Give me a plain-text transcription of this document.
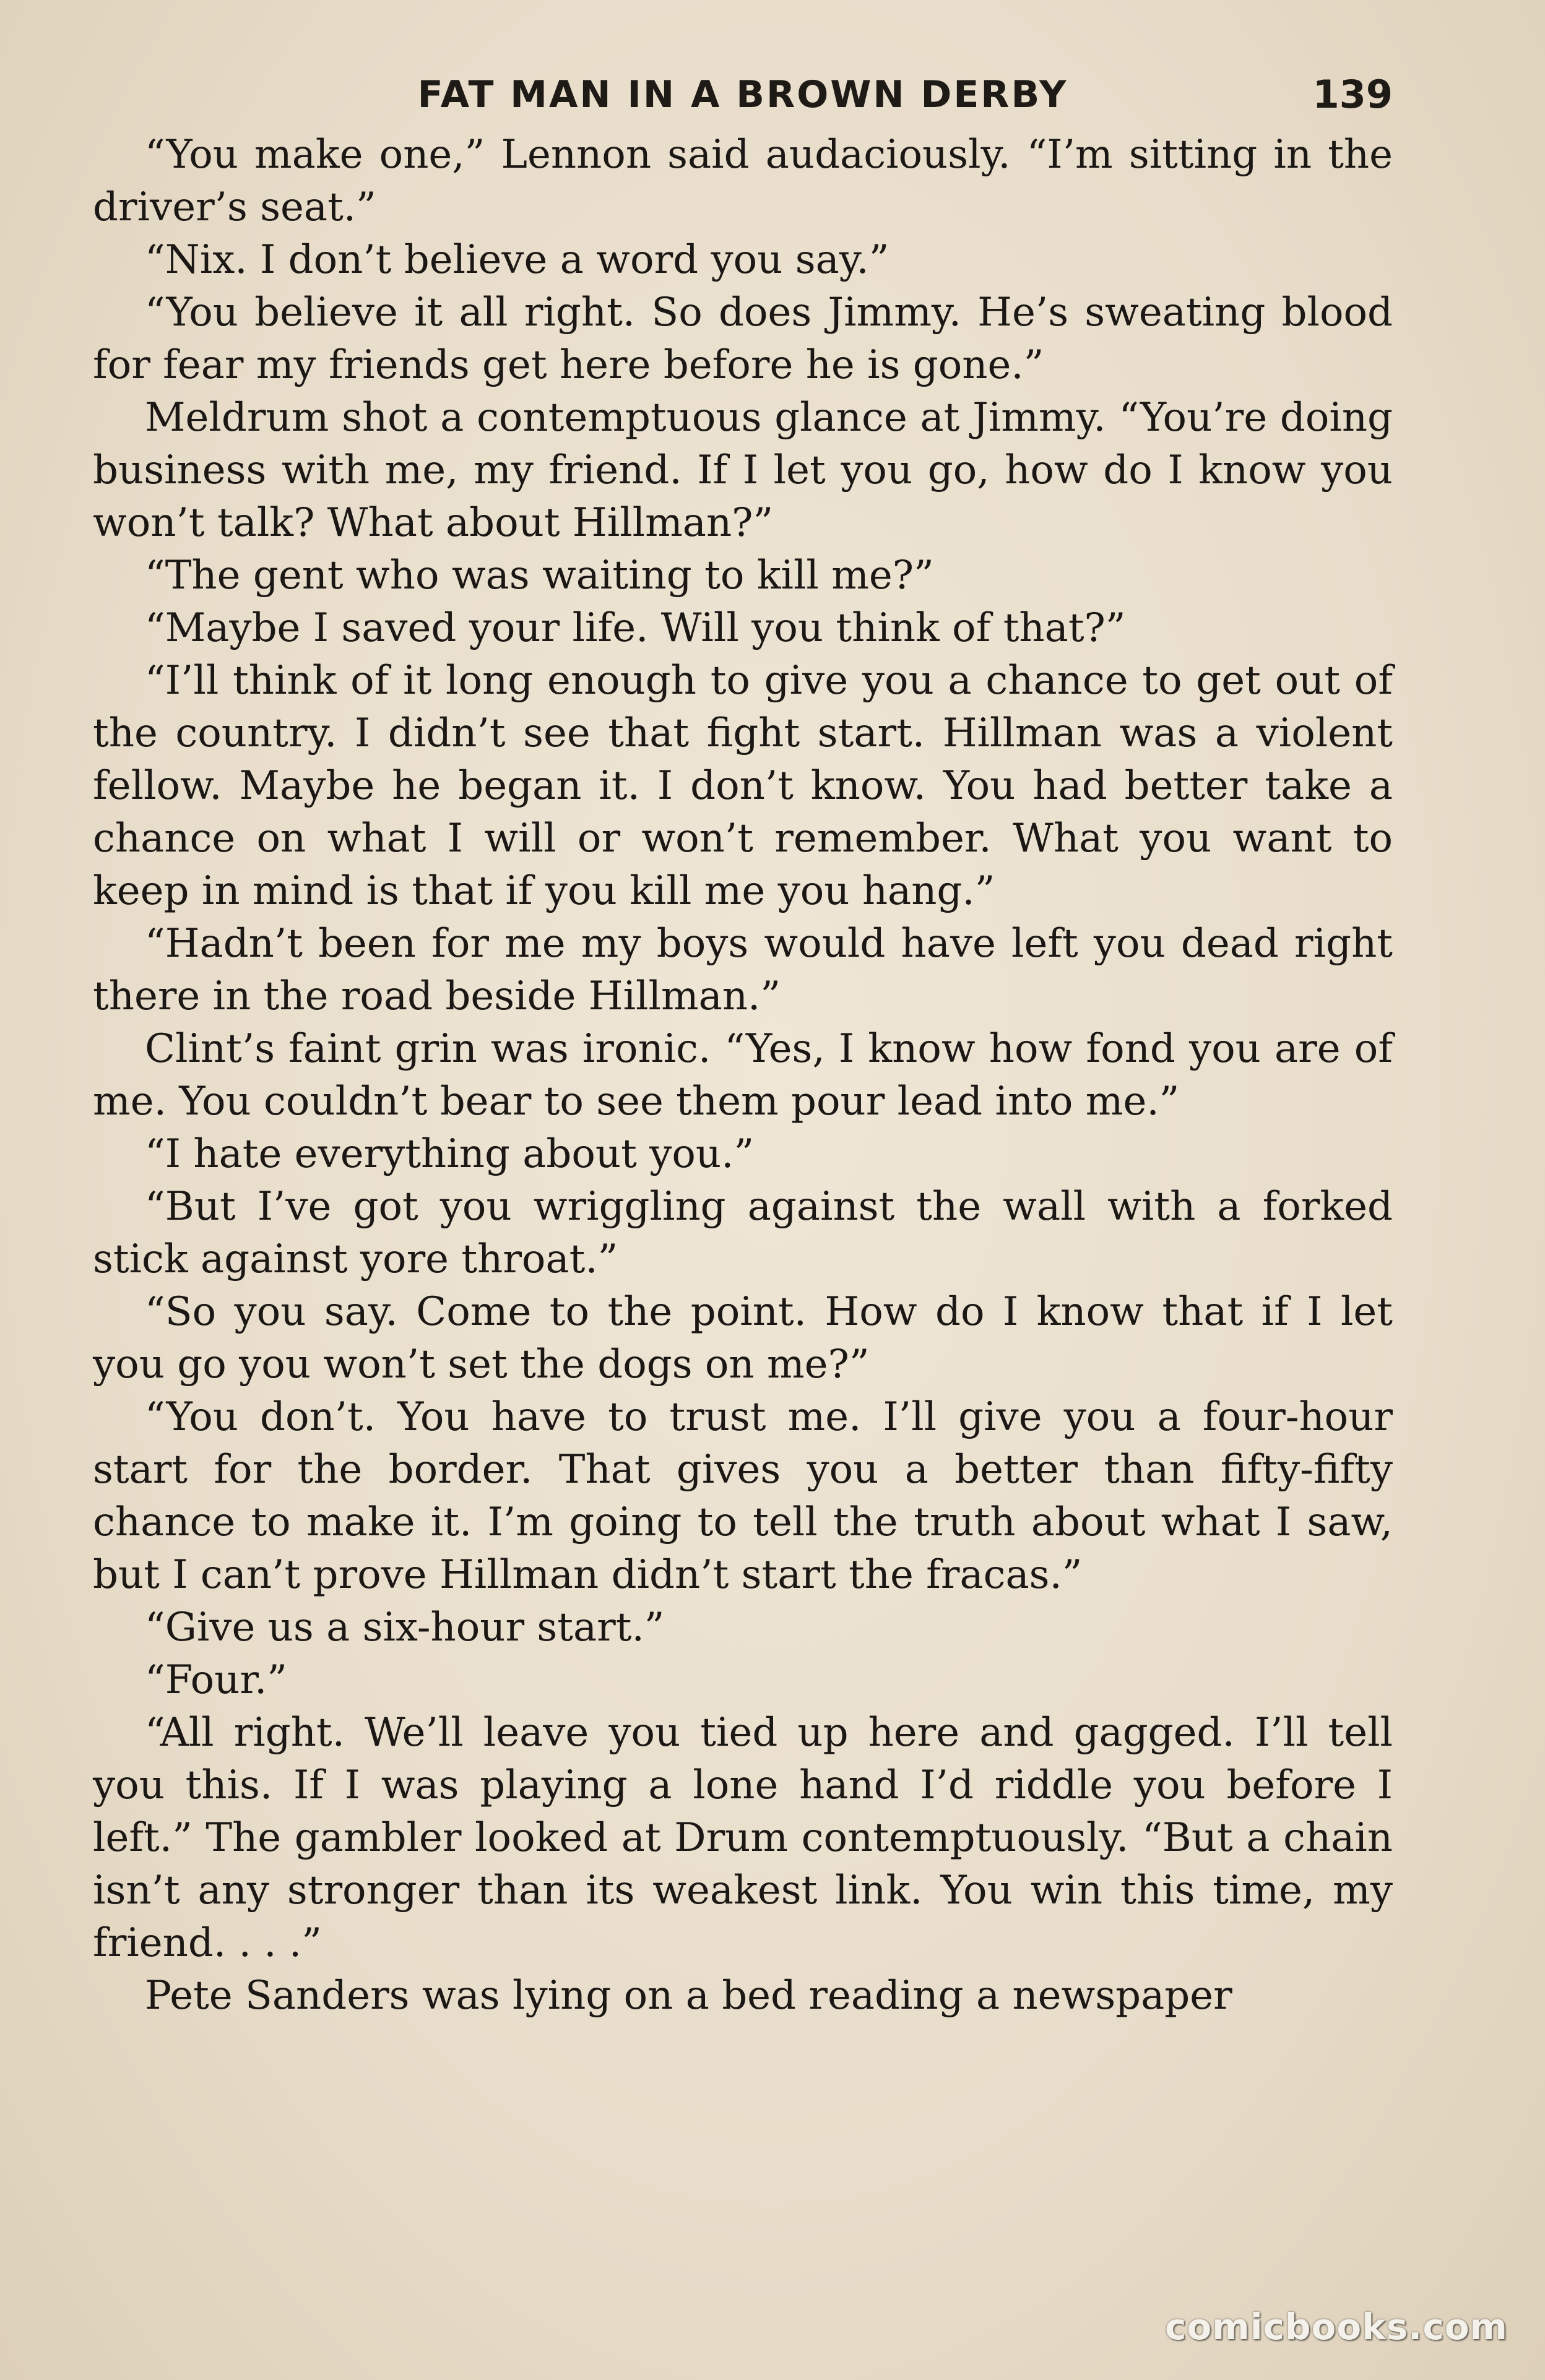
FAT MAN IN A BROWN DERBY	139

“You make one,” Lennon said audaciously. “I’m sitting in the driver’s seat.”

“Nix. I don’t believe a word you say.”

“You believe it all right. So does Jimmy. He’s sweating blood for fear my friends get here before he is gone.”

Meldrum shot a contemptuous glance at Jimmy. “You’re doing business with me, my friend. If I let you go, how do I know you won’t talk? What about Hillman?”

“The gent who was waiting to kill me?”

“Maybe I saved your life. Will you think of that?”

“I’ll think of it long enough to give you a chance to get out of the country. I didn’t see that fight start. Hillman was a violent fellow. Maybe he began it. I don’t know. You had better take a chance on what I will or won’t remember. What you want to keep in mind is that if you kill me you hang.”

“Hadn’t been for me my boys would have left you dead right there in the road beside Hillman.”

Clint’s faint grin was ironic. “Yes, I know how fond you are of me. You couldn’t bear to see them pour lead into me.”

“I hate everything about you.”

“But I’ve got you wriggling against the wall with a forked stick against yore throat.”

“So you say. Come to the point. How do I know that if I let you go you won’t set the dogs on me?”

“You don’t. You have to trust me. I’ll give you a four-hour start for the border. That gives you a better than fifty-fifty chance to make it. I’m going to tell the truth about what I saw, but I can’t prove Hillman didn’t start the fracas.”

“Give us a six-hour start.”

“Four.”

“All right. We’ll leave you tied up here and gagged. I’ll tell you this. If I was playing a lone hand I’d riddle you before I left.” The gambler looked at Drum contemptuously. “But a chain isn’t any stronger than its weakest link. You win this time, my friend. . . .”

Pete Sanders was lying on a bed reading a newspaper

comicbooks.com
